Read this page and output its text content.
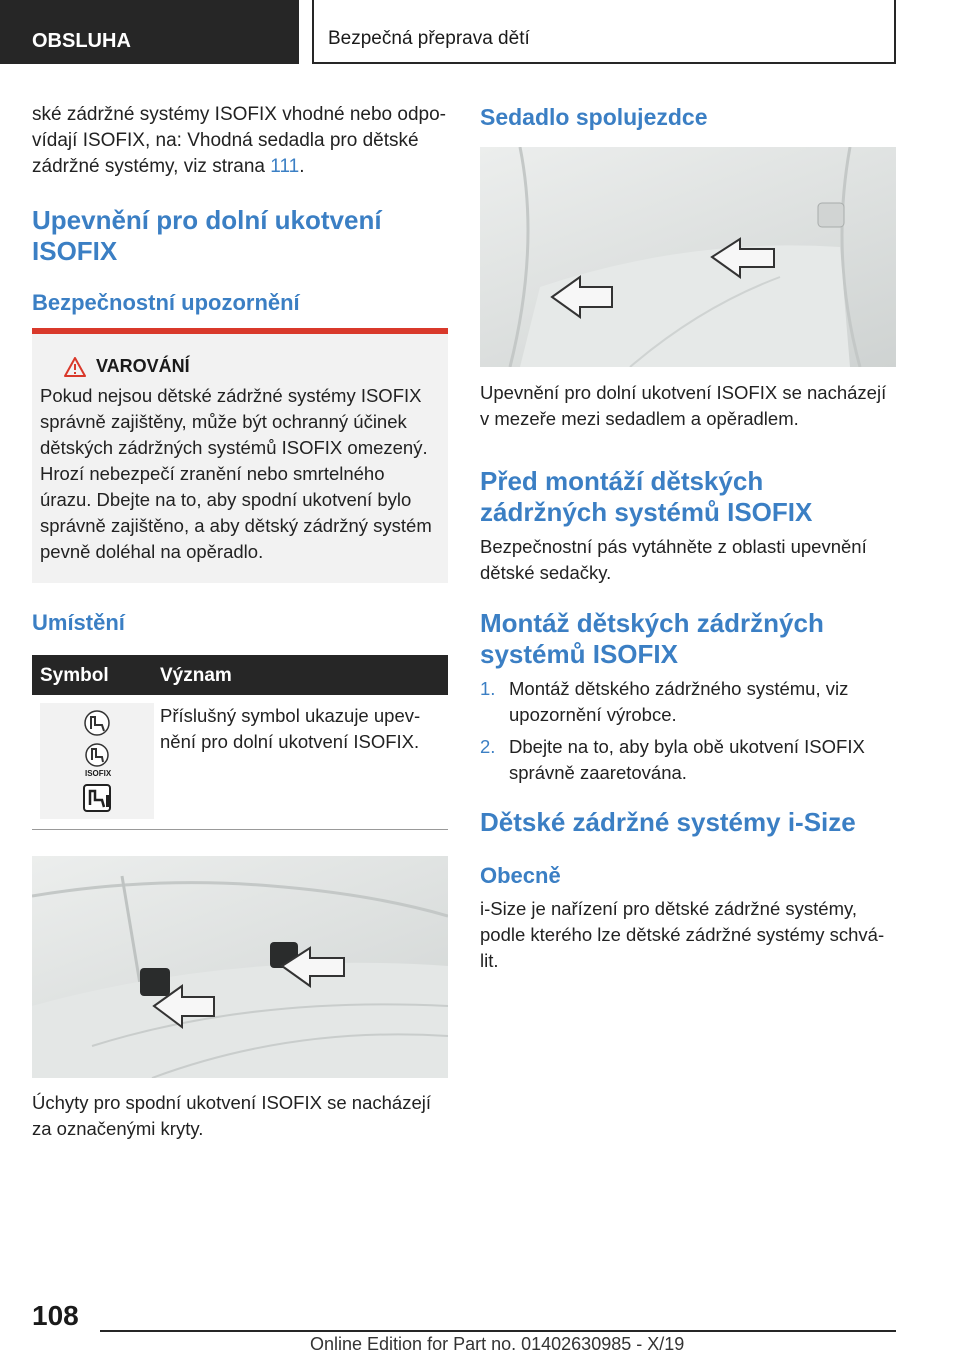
OBSLUHA	Bezpečná přeprava dětí

ské zádržné systémy ISOFIX vhodné nebo odpo-
vídají ISOFIX, na: Vhodná sedadla pro dětské
zádržné systémy, viz strana 111.

Upevnění pro dolní ukotvení
ISOFIX
Bezpečnostní upozornění
VAROVÁNÍ

Pokud nejsou dětské zádržné systémy ISOFIX
správně zajištěny, může být ochranný účinek
dětských zádržných systémů ISOFIX omezený.
Hrozí nebezpečí zranění nebo smrtelného
úrazu. Dbejte na to, aby spodní ukotvení bylo
správně zajištěno, a aby dětský zádržný systém
pevně doléhal na opěradlo.

Umístění
Symbol	Význam
ISOFIX

Příslušný symbol ukazuje upev-
nění pro dolní ukotvení ISOFIX.

Úchyty pro spodní ukotvení ISOFIX se nacházejí
za označenými kryty.

Sedadlo spolujezdce

Upevnění pro dolní ukotvení ISOFIX se nacházejí
v mezeře mezi sedadlem a opěradlem.

Před montáží dětských
zádržných systémů ISOFIX

Bezpečnostní pás vytáhněte z oblasti upevnění
dětské sedačky.

Montáž dětských zádržných
systémů ISOFIX
1. Montáž dětského zádržného systému, viz
upozornění výrobce.
2. Dbejte na to, aby byla obě ukotvení ISOFIX
správně zaaretována.
Dětské zádržné systémy i-Size
Obecně

i-Size je nařízení pro dětské zádržné systémy,
podle kterého lze dětské zádržné systémy schvá-
lit.

108
Online Edition for Part no. 01402630985 - X/19
